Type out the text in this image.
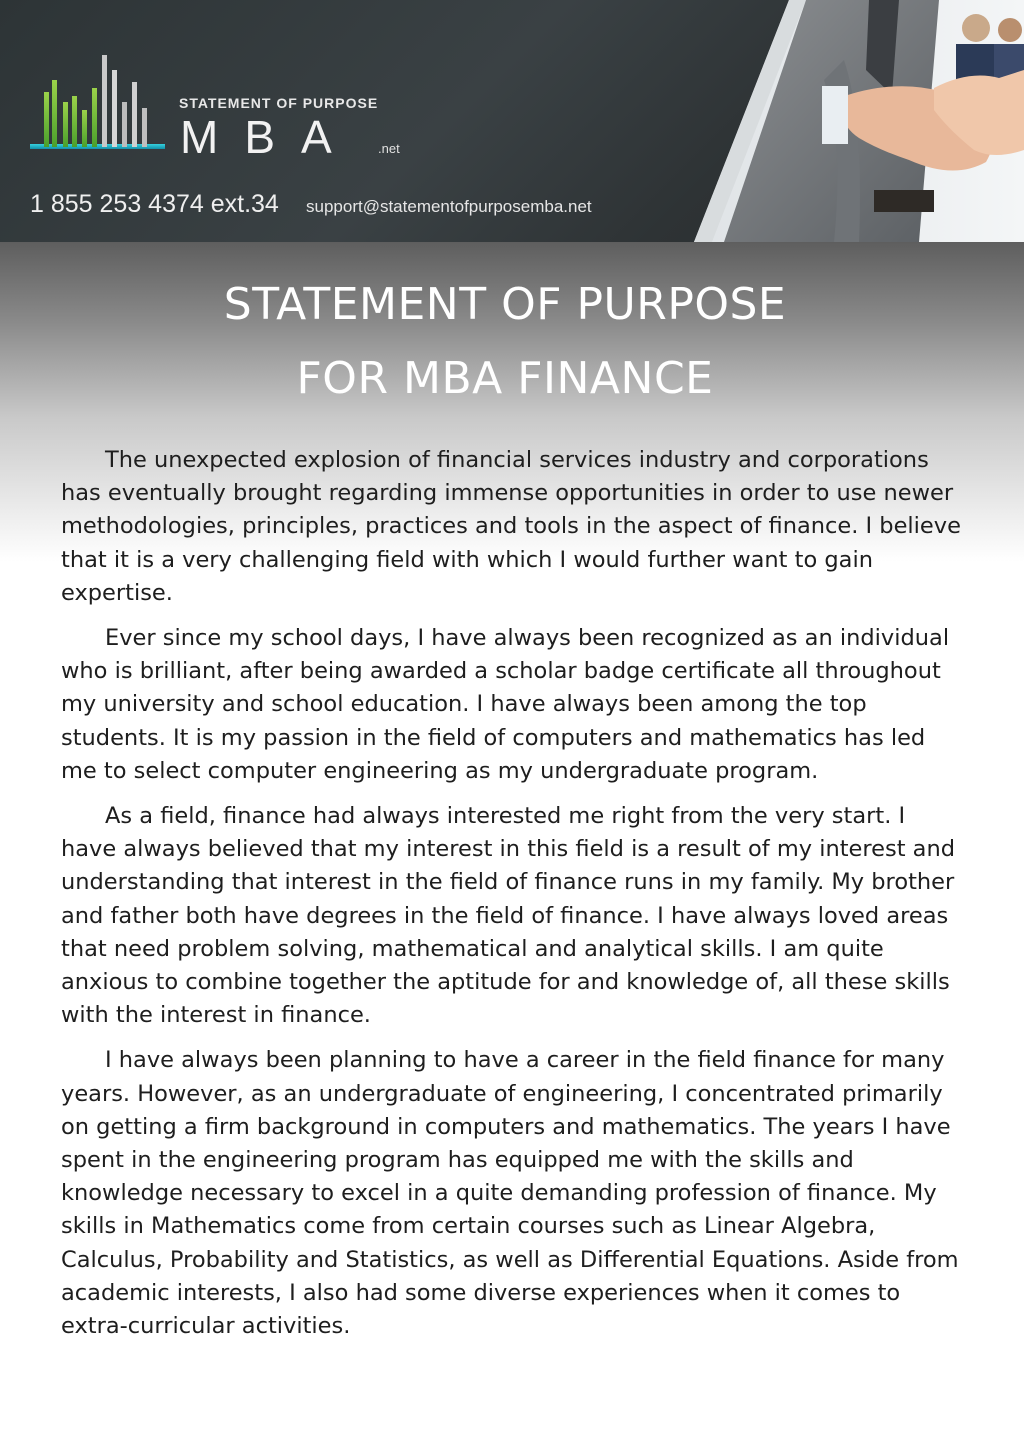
STATEMENT OF PURPOSE
MBA .net
1 855 253 4374 ext.34 support@statementofpurposemba.net
STATEMENT OF PURPOSE
FOR MBA FINANCE

The unexpected explosion of financial services industry and corporations has eventually brought regarding immense opportunities in order to use newer methodologies, principles, practices and tools in the aspect of finance. I believe that it is a very challenging field with which I would further want to gain expertise.

Ever since my school days, I have always been recognized as an individual who is brilliant, after being awarded a scholar badge certificate all throughout my university and school education. I have always been among the top students. It is my passion in the field of computers and mathematics has led me to select computer engineering as my undergraduate program.

As a field, finance had always interested me right from the very start. I have always believed that my interest in this field is a result of my interest and understanding that interest in the field of finance runs in my family. My brother and father both have degrees in the field of finance. I have always loved areas that need problem solving, mathematical and analytical skills. I am quite anxious to combine together the aptitude for and knowledge of, all these skills with the interest in finance.

I have always been planning to have a career in the field finance for many years. However, as an undergraduate of engineering, I concentrated primarily on getting a firm background in computers and mathematics. The years I have spent in the engineering program has equipped me with the skills and knowledge necessary to excel in a quite demanding profession of finance. My skills in Mathematics come from certain courses such as Linear Algebra, Calculus, Probability and Statistics, as well as Differential Equations. Aside from academic interests, I also had some diverse experiences when it comes to extra-curricular activities.
